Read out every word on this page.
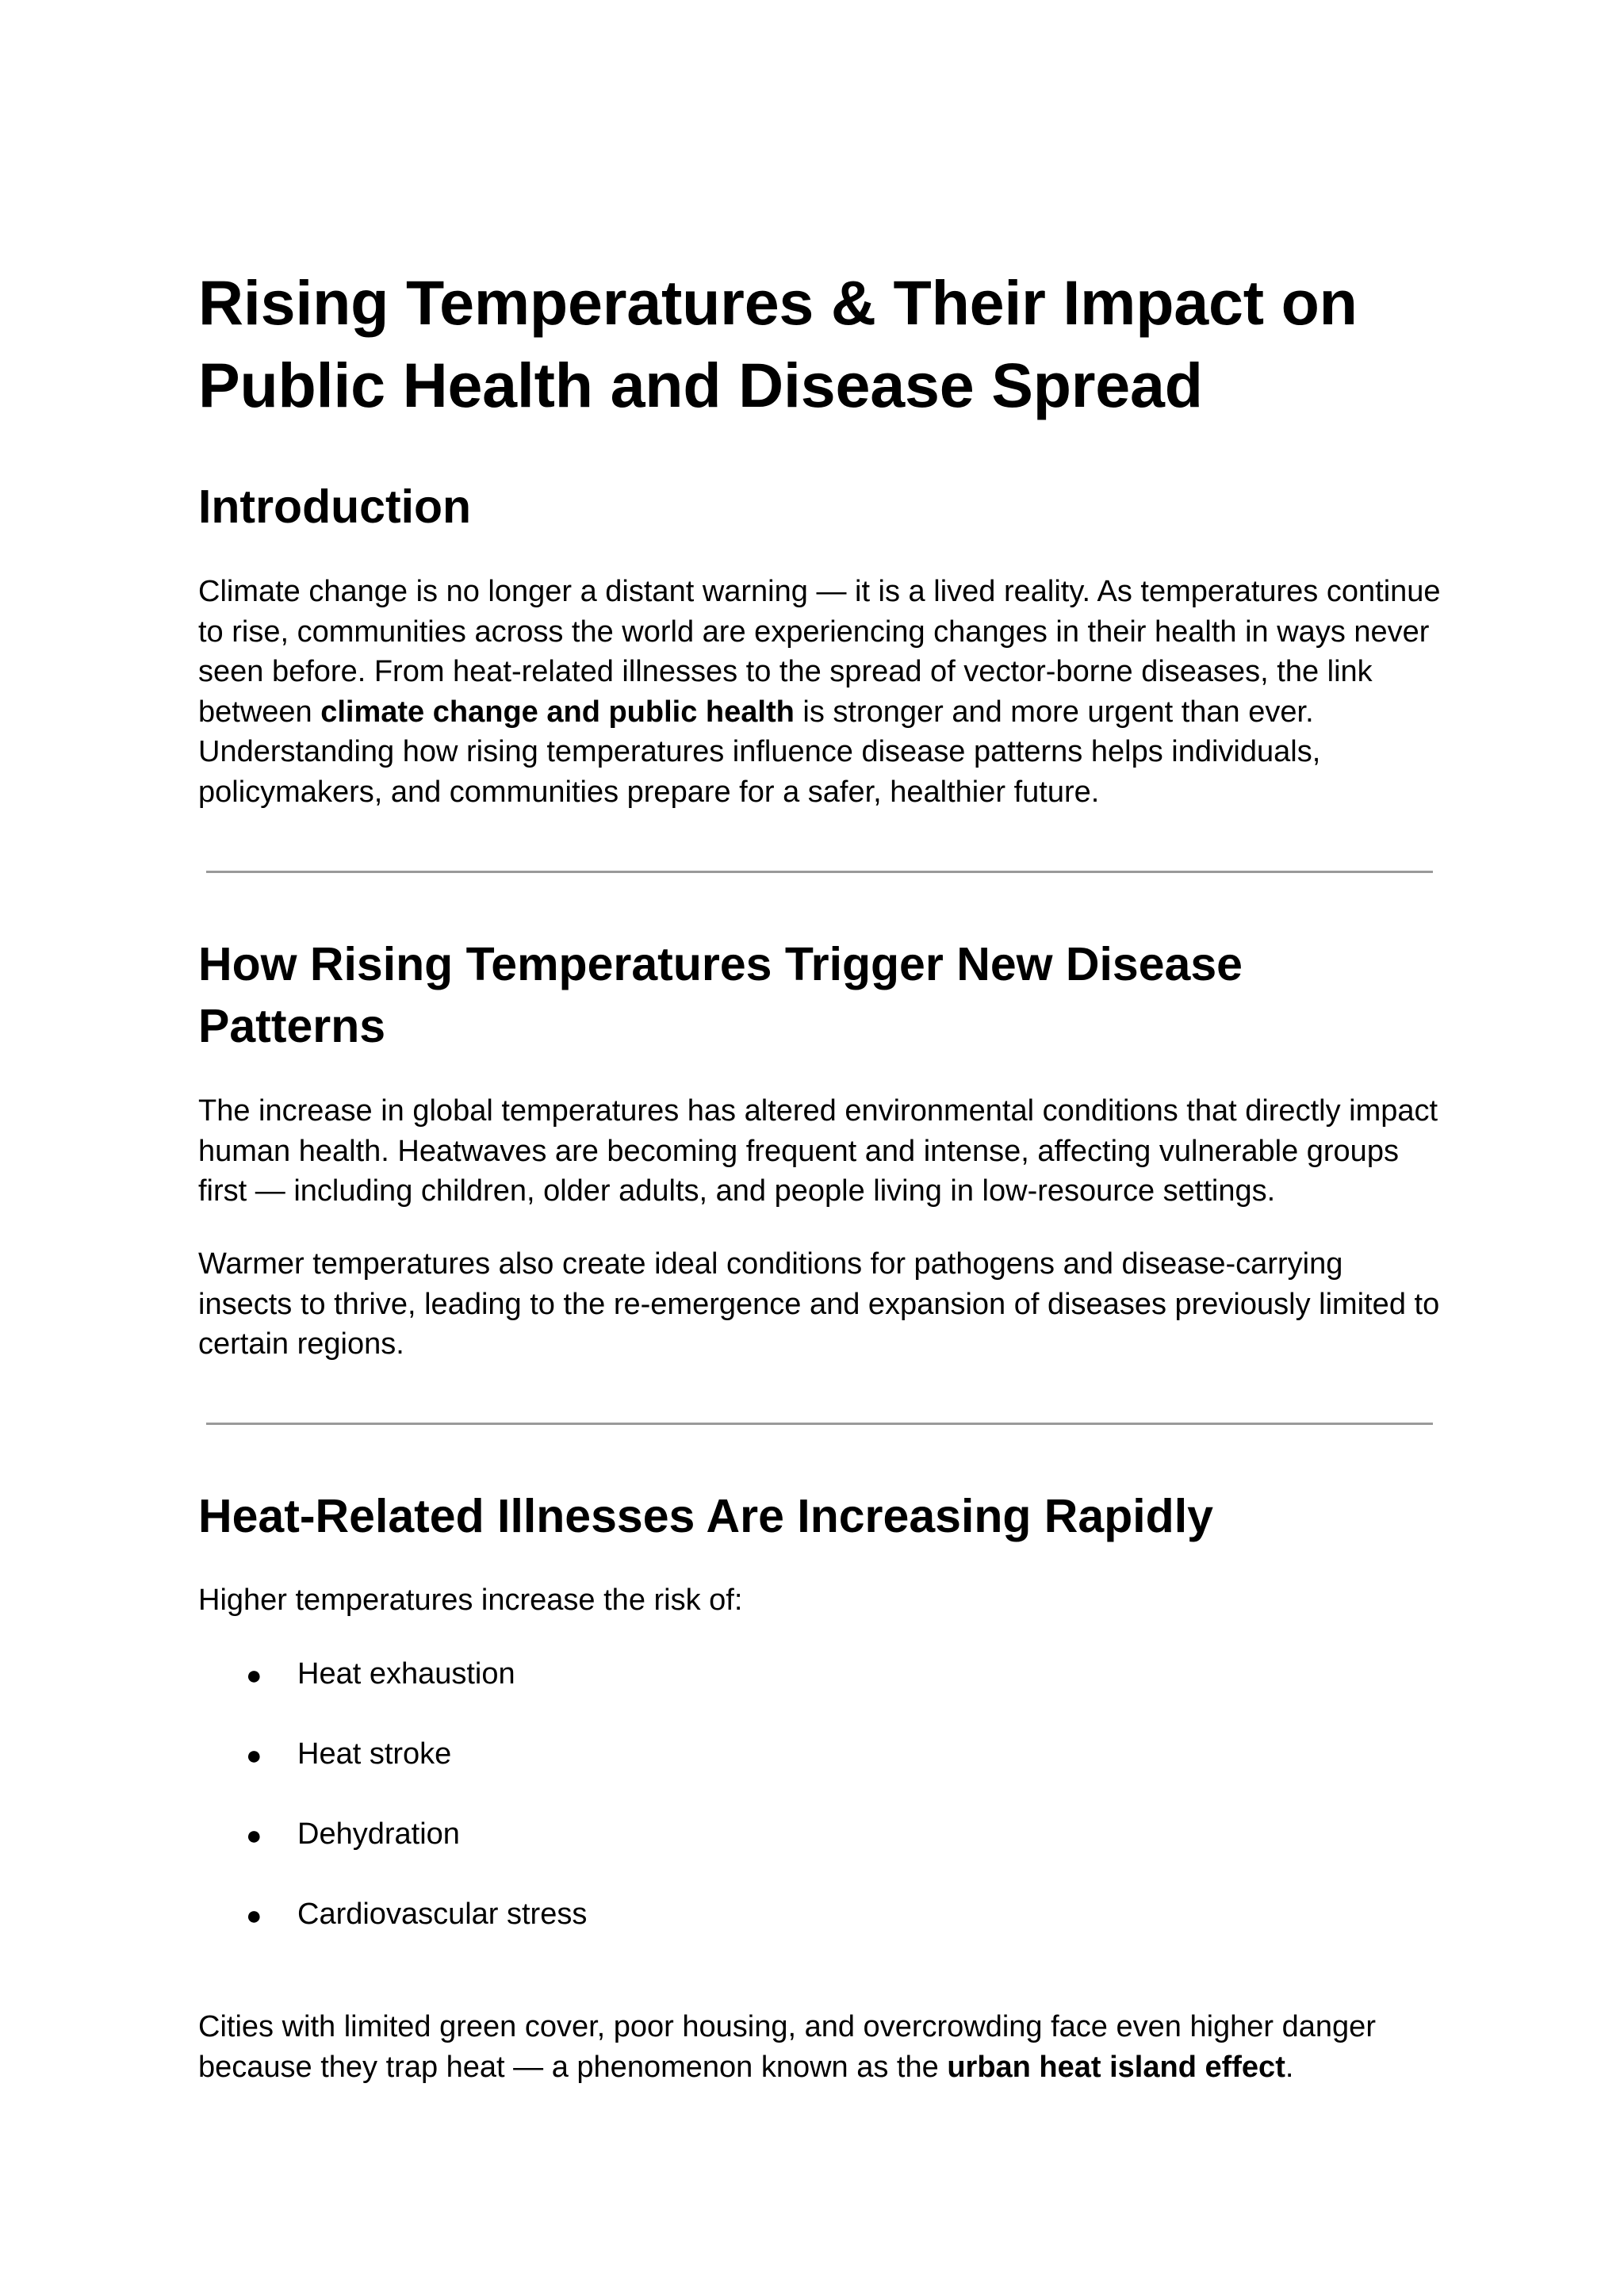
Rising Temperatures & Their Impact on Public Health and Disease Spread
Introduction

Climate change is no longer a distant warning — it is a lived reality. As temperatures continue to rise, communities across the world are experiencing changes in their health in ways never seen before. From heat-related illnesses to the spread of vector-borne diseases, the link between climate change and public health is stronger and more urgent than ever. Understanding how rising temperatures influence disease patterns helps individuals, policymakers, and communities prepare for a safer, healthier future.

How Rising Temperatures Trigger New Disease Patterns

The increase in global temperatures has altered environmental conditions that directly impact human health. Heatwaves are becoming frequent and intense, affecting vulnerable groups first — including children, older adults, and people living in low-resource settings.

Warmer temperatures also create ideal conditions for pathogens and disease-carrying insects to thrive, leading to the re-emergence and expansion of diseases previously limited to certain regions.

Heat-Related Illnesses Are Increasing Rapidly

Higher temperatures increase the risk of:

● Heat exhaustion
● Heat stroke
● Dehydration
● Cardiovascular stress

Cities with limited green cover, poor housing, and overcrowding face even higher danger because they trap heat — a phenomenon known as the urban heat island effect.
